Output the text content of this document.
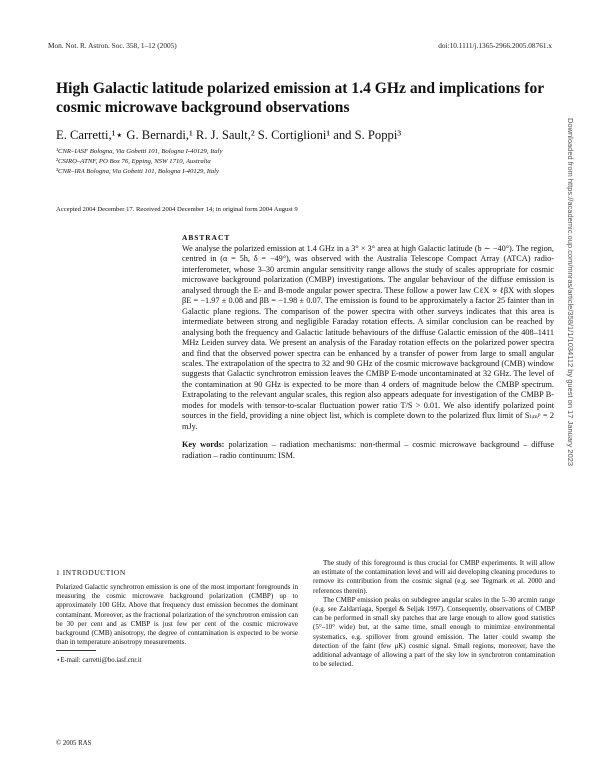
Mon. Not. R. Astron. Soc. 358, 1–12 (2005)	doi:10.1111/j.1365-2966.2005.08761.x
High Galactic latitude polarized emission at 1.4 GHz and implications for cosmic microwave background observations
E. Carretti,¹⋆ G. Bernardi,¹ R. J. Sault,² S. Cortiglioni¹ and S. Poppi³
¹CNR–IASF Bologna, Via Gobetti 101, Bologna I-40129, Italy
²CSIRO–ATNF, PO Box 76, Epping, NSW 1710, Australia
³CNR–IRA Bologna, Via Gobetti 101, Bologna I-40129, Italy
Accepted 2004 December 17. Received 2004 December 14; in original form 2004 August 9
ABSTRACT
We analyse the polarized emission at 1.4 GHz in a 3° × 3° area at high Galactic latitude (b ∼ −40°). The region, centred in (α = 5h, δ = −49°), was observed with the Australia Telescope Compact Array (ATCA) radio-interferometer, whose 3–30 arcmin angular sensitivity range allows the study of scales appropriate for cosmic microwave background polarization (CMBP) investigations. The angular behaviour of the diffuse emission is analysed through the E- and B-mode angular power spectra. These follow a power law CℓX ∝ ℓβX with slopes βE = −1.97 ± 0.08 and βB = −1.98 ± 0.07. The emission is found to be approximately a factor 25 fainter than in Galactic plane regions. The comparison of the power spectra with other surveys indicates that this area is intermediate between strong and negligible Faraday rotation effects. A similar conclusion can be reached by analysing both the frequency and Galactic latitude behaviours of the diffuse Galactic emission of the 408–1411 MHz Leiden survey data. We present an analysis of the Faraday rotation effects on the polarized power spectra and find that the observed power spectra can be enhanced by a transfer of power from large to small angular scales. The extrapolation of the spectra to 32 and 90 GHz of the cosmic microwave background (CMB) window suggests that Galactic synchrotron emission leaves the CMBP E-mode uncontaminated at 32 GHz. The level of the contamination at 90 GHz is expected to be more than 4 orders of magnitude below the CMBP spectrum. Extrapolating to the relevant angular scales, this region also appears adequate for investigation of the CMBP B-modes for models with tensor-to-scalar fluctuation power ratio T/S > 0.01. We also identify polarized point sources in the field, providing a nine object list, which is complete down to the polarized flux limit of Sₗᵢₘᵖ = 2 mJy.
Key words: polarization – radiation mechanisms: non-thermal – cosmic microwave background – diffuse radiation – radio continuum: ISM.	Downloaded from https://academic.oup.com/mnras/article/358/1/1/1034112 by guest on 17 January 2023
1 INTRODUCTION

Polarized Galactic synchrotron emission is one of the most important foregrounds in measuring the cosmic microwave background polarization (CMBP) up to approximately 100 GHz. Above that frequency dust emission becomes the dominant contaminant. Moreover, as the fractional polarization of the synchrotron emission can be 30 per cent and as CMBP is just few per cent of the cosmic microwave background (CMB) anisotropy, the degree of contamination is expected to be worse than in temperature anisotropy measurements.

The study of this foreground is thus crucial for CMBP experiments. It will allow an estimate of the contamination level and will aid developing cleaning procedures to remove its contribution from the cosmic signal (e.g. see Tegmark et al. 2000 and references therein).

The CMBP emission peaks on subdegree angular scales in the 5–30 arcmin range (e.g. see Zaldarriaga, Spergel & Seljak 1997). Consequently, observations of CMBP can be performed in small sky patches that are large enough to allow good statistics (5°–10° wide) but, at the same time, small enough to minimize environmental systematics, e.g. spillover from ground emission. The latter could swamp the detection of the faint (few μK) cosmic signal. Small regions, moreover, have the additional advantage of allowing a part of the sky low in synchrotron contamination to be selected.

⋆E-mail: carretti@bo.iasf.cnr.it
© 2005 RAS
